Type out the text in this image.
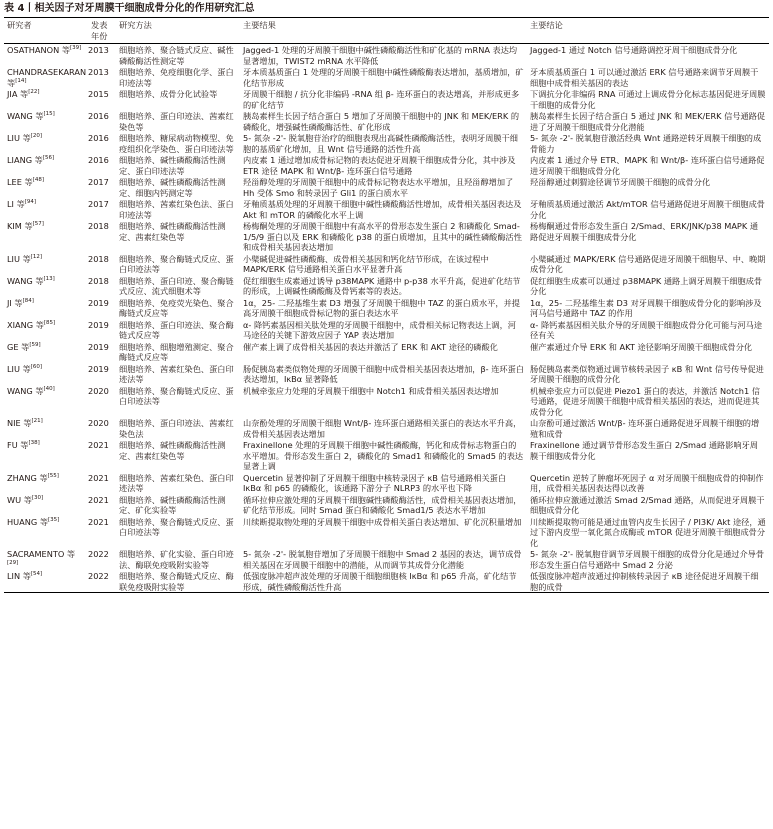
表 4丨相关因子对牙周膜干细胞成骨分化的作用研究汇总
研究者	发表年份	研究方法	主要结果	主要结论
OSATHANON 等[39]	2013	细胞培养、聚合链式反应、碱性磷酸酶活性测定等	Jagged-1 处理的牙周膜干细胞中碱性磷酸酶活性和矿化基的 mRNA 表达均显著增加，TWIST2 mRNA 水平降低	Jagged-1 通过 Notch 信号通路调控牙周干细胞成骨分化
CHANDRASEKARAN 等[14]	2013	细胞培养、免疫细胞化学、蛋白印迹法等	牙本质基质蛋白 1 处理的牙周膜干细胞中碱性磷酸酶表达增加，基质增加，矿化结节形成	牙本质基质蛋白 1 可以通过激活 ERK 信号通路来调节牙周膜干细胞中成骨相关基因的表达
JIA 等[22]	2015	细胞培养、成骨分化试验等	牙周膜干细胞 / 抗分化非编码 -RNA 组 β- 连环蛋白的表达增高，并形成更多的矿化结节	下调抗分化非编码 RNA 可通过上调成骨分化标志基因促进牙周膜干细胞的成骨分化
WANG 等[15]	2016	细胞培养、蛋白印迹法、茜素红染色等	胰岛素样生长因子结合蛋白 5 增加了牙周膜干细胞中的 JNK 和 MEK/ERK 的磷酸化，增强碱性磷酸酶活性、矿化形成	胰岛素样生长因子结合蛋白 5 通过 JNK 和 MEK/ERK 信号通路促进了牙周膜干细胞成骨分化潜能
LIU 等[20]	2016	细胞培养、糖尿病动物模型、免疫组织化学染色、蛋白印迹法等	5- 氮杂 -2'- 脱氧胞苷治疗的细胞表现出高碱性磷酸酶活性，表明牙周膜干细胞的基质矿化增加，且 Wnt 信号通路的活性升高	5- 氮杂 -2'- 脱氧胞苷激活经典 Wnt 通路逆转牙周膜干细胞的成骨能力
LIANG 等[56]	2016	细胞培养、碱性磷酸酶活性测定、蛋白印迹法等	内皮素 1 通过增加成骨标记物的表达促进牙周膜干细胞成骨分化，其中涉及 ETR 途径 MAPK 和 Wnt/β- 连环蛋白信号通路	内皮素 1 通过介导 ETR、MAPK 和 Wnt/β- 连环蛋白信号通路促进牙周膜干细胞成骨分化
LEE 等[48]	2017	细胞培养、碱性磷酸酶活性测定、细胞内钙测定等	羟甾醇处理的牙周膜干细胞中的成骨标记物表达水平增加，且羟甾醇增加了 Hh 受体 Smo 和转录因子 Gli1 的蛋白质水平	羟甾醇通过刺猬途径调节牙周膜干细胞的成骨分化
LI 等[94]	2017	细胞培养、茜素红染色法、蛋白印迹法等	牙釉质基质处理的牙周膜干细胞中碱性磷酸酶活性增加，成骨相关基因表达及 Akt 和 mTOR 的磷酸化水平上调	牙釉质基质通过激活 Akt/mTOR 信号通路促进牙周膜干细胞成骨分化
KIM 等[57]	2018	细胞培养、碱性磷酸酶活性测定、茜素红染色等	杨梅酮处理的牙周膜干细胞中有高水平的骨形态发生蛋白 2 和磷酸化 Smad-1/5/9 蛋白以及 ERK 和磷酸化 p38 的蛋白质增加，且其中的碱性磷酸酶活性和成骨相关基因表达增加	杨梅酮通过骨形态发生蛋白 2/Smad、ERK/JNK/p38 MAPK 通路促进牙周膜干细胞成骨分化
LIU 等[12]	2018	细胞培养、聚合酶链式反应、蛋白印迹法等	小檗碱促进碱性磷酸酶、成骨相关基因和钙化结节形成，在该过程中 MAPK/ERK 信号通路相关蛋白水平显著升高	小檗碱通过 MAPK/ERK 信号通路促进牙周膜干细胞早、中、晚期成骨分化
WANG 等[13]	2018	细胞培养、蛋白印迹、聚合酶链式反应、流式细胞术等	促红细胞生成素通过诱导 p38MAPK 通路中 p-p38 水平升高，促进矿化结节的形成，上调碱性磷酸酶及骨钙素等的表达。	促红细胞生成素可以通过 p38MAPK 通路上调牙周膜干细胞成骨分化
JI 等[84]	2019	细胞培养、免疫荧光染色、聚合酶链式反应等	1α，25- 二羟基维生素 D3 增强了牙周膜干细胞中 TAZ 的蛋白质水平，并提高牙周膜干细胞成骨标记物的蛋白表达水平	1α，25- 二羟基维生素 D3 对牙周膜干细胞成骨分化的影响涉及河马信号通路中 TAZ 的作用
XIANG 等[85]	2019	细胞培养、蛋白印迹法、聚合酶链式反应等	α- 降钙素基因相关肽处理的牙周膜干细胞中，成骨相关标记物表达上调，河马途径的关键下游效应因子 YAP 表达增加	α- 降钙素基因相关肽介导的牙周膜干细胞成骨分化可能与河马途径有关
GE 等[59]	2019	细胞培养、细胞增殖测定、聚合酶链式反应等	催产素上调了成骨相关基因的表达并激活了 ERK 和 AKT 途径的磷酸化	催产素通过介导 ERK 和 AKT 途径影响牙周膜干细胞成骨分化
LIU 等[60]	2019	细胞培养、茜素红染色、蛋白印迹法等	肠促胰岛素类似物处理的牙周膜干细胞中成骨相关基因表达增加，β- 连环蛋白表达增加，IκBα 显著降低	肠促胰岛素类似物通过调节核转录因子 κB 和 Wnt 信号传导促进牙周膜干细胞的成骨分化
WANG 等[40]	2020	细胞培养、聚合酶链式反应、蛋白印迹法等	机械牵张应力处理的牙周膜干细胞中 Notch1 和成骨相关基因表达增加	机械牵张应力可以促进 Piezo1 蛋白的表达，并激活 Notch1 信号通路，促进牙周膜干细胞中成骨相关基因的表达，进而促进其成骨分化
NIE 等[21]	2020	细胞培养、蛋白印迹法、茜素红染色法	山奈酚处理的牙周膜干细胞 Wnt/β- 连环蛋白通路相关蛋白的表达水平升高，成骨相关基因表达增加	山奈酚可通过激活 Wnt/β- 连环蛋白通路促进牙周膜干细胞的增殖和成骨
FU 等[38]	2021	细胞培养、碱性磷酸酶活性测定、茜素红染色等	Fraxinellone 处理的牙周膜干细胞中碱性磷酸酶，钙化和成骨标志物蛋白的水平增加。骨形态发生蛋白 2，磷酸化的 Smad1 和磷酸化的 Smad5 的表达显著上调	Fraxinellone 通过调节骨形态发生蛋白 2/Smad 通路影响牙周膜干细胞成骨分化
ZHANG 等[55]	2021	细胞培养、茜素红染色、蛋白印迹法等	Quercetin 显著抑制了牙周膜干细胞中核转录因子 κB 信号通路相关蛋白 IκBα 和 p65 的磷酸化，该通路下游分子 NLRP3 的水平也下降	Quercetin 逆转了肿瘤坏死因子 α 对牙周膜干细胞成骨的抑制作用，成骨相关基因表达得以改善
WU 等[30]	2021	细胞培养、碱性磷酸酶活性测定、矿化实验等	循环拉伸应激处理的牙周膜干细胞碱性磷酸酶活性，成骨相关基因表达增加，矿化结节形成。同时 Smad 蛋白和磷酸化 Smad1/5 表达水平增加	循环拉伸应激通过激活 Smad 2/Smad 通路，从而促进牙周膜干细胞成骨分化
HUANG 等[35]	2021	细胞培养、聚合酶链式反应、蛋白印迹法等	川续断提取物处理的牙周膜干细胞中成骨相关蛋白表达增加、矿化沉积量增加	川续断提取物可能是通过血管内皮生长因子 / PI3K/ Akt 途径，通过下游内皮型一氧化氮合成酶或 mTOR 促进牙周膜干细胞成骨分化
SACRAMENTO 等[29]	2022	细胞培养、矿化实验、蛋白印迹法、酶联免疫吸附实验等	5- 氮杂 -2'- 脱氧胞苷增加了牙周膜干细胞中 Smad 2 基因的表达，调节成骨相关基因在牙周膜干细胞中的潜能，从而调节其成骨分化潜能	5- 氮杂 -2'- 脱氧胞苷调节牙周膜干细胞的成骨分化是通过介导骨形态发生蛋白信号通路中 Smad 2 分泌
LIN 等[54]	2022	细胞培养、聚合酶链式反应、酶联免疫吸附实验等	低强度脉冲超声波处理的牙周膜干细胞细胞核 IκBα 和 p65 升高，矿化结节形成，碱性磷酸酶活性升高	低强度脉冲超声波通过抑制核转录因子 κB 途径促进牙周膜干细胞的成骨
